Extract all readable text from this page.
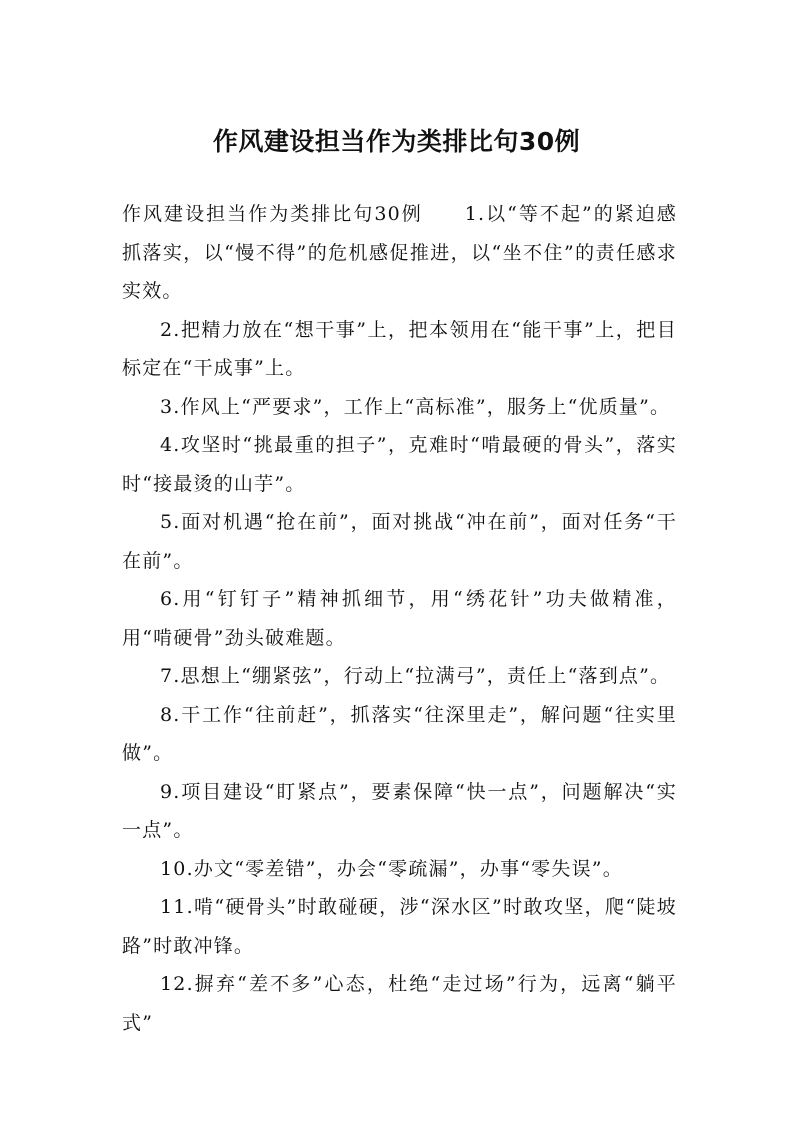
作风建设担当作为类排比句30例

作风建设担当作为类排比句30例 1.以“等不起”的紧迫感抓落实，以“慢不得”的危机感促推进，以“坐不住”的责任感求实效。

2.把精力放在“想干事”上，把本领用在“能干事”上，把目标定在“干成事”上。

3.作风上“严要求”，工作上“高标准”，服务上“优质量”。

4.攻坚时“挑最重的担子”，克难时“啃最硬的骨头”，落实时“接最烫的山芋”。

5.面对机遇“抢在前”，面对挑战“冲在前”，面对任务“干在前”。

6.用“钉钉子”精神抓细节，用“绣花针”功夫做精准，用“啃硬骨”劲头破难题。

7.思想上“绷紧弦”，行动上“拉满弓”，责任上“落到点”。

8.干工作“往前赶”，抓落实“往深里走”，解问题“往实里做”。

9.项目建设“盯紧点”，要素保障“快一点”，问题解决“实一点”。

10.办文“零差错”，办会“零疏漏”，办事“零失误”。

11.啃“硬骨头”时敢碰硬，涉“深水区”时敢攻坚，爬“陡坡路”时敢冲锋。

12.摒弃“差不多”心态，杜绝“走过场”行为，远离“躺平式”
